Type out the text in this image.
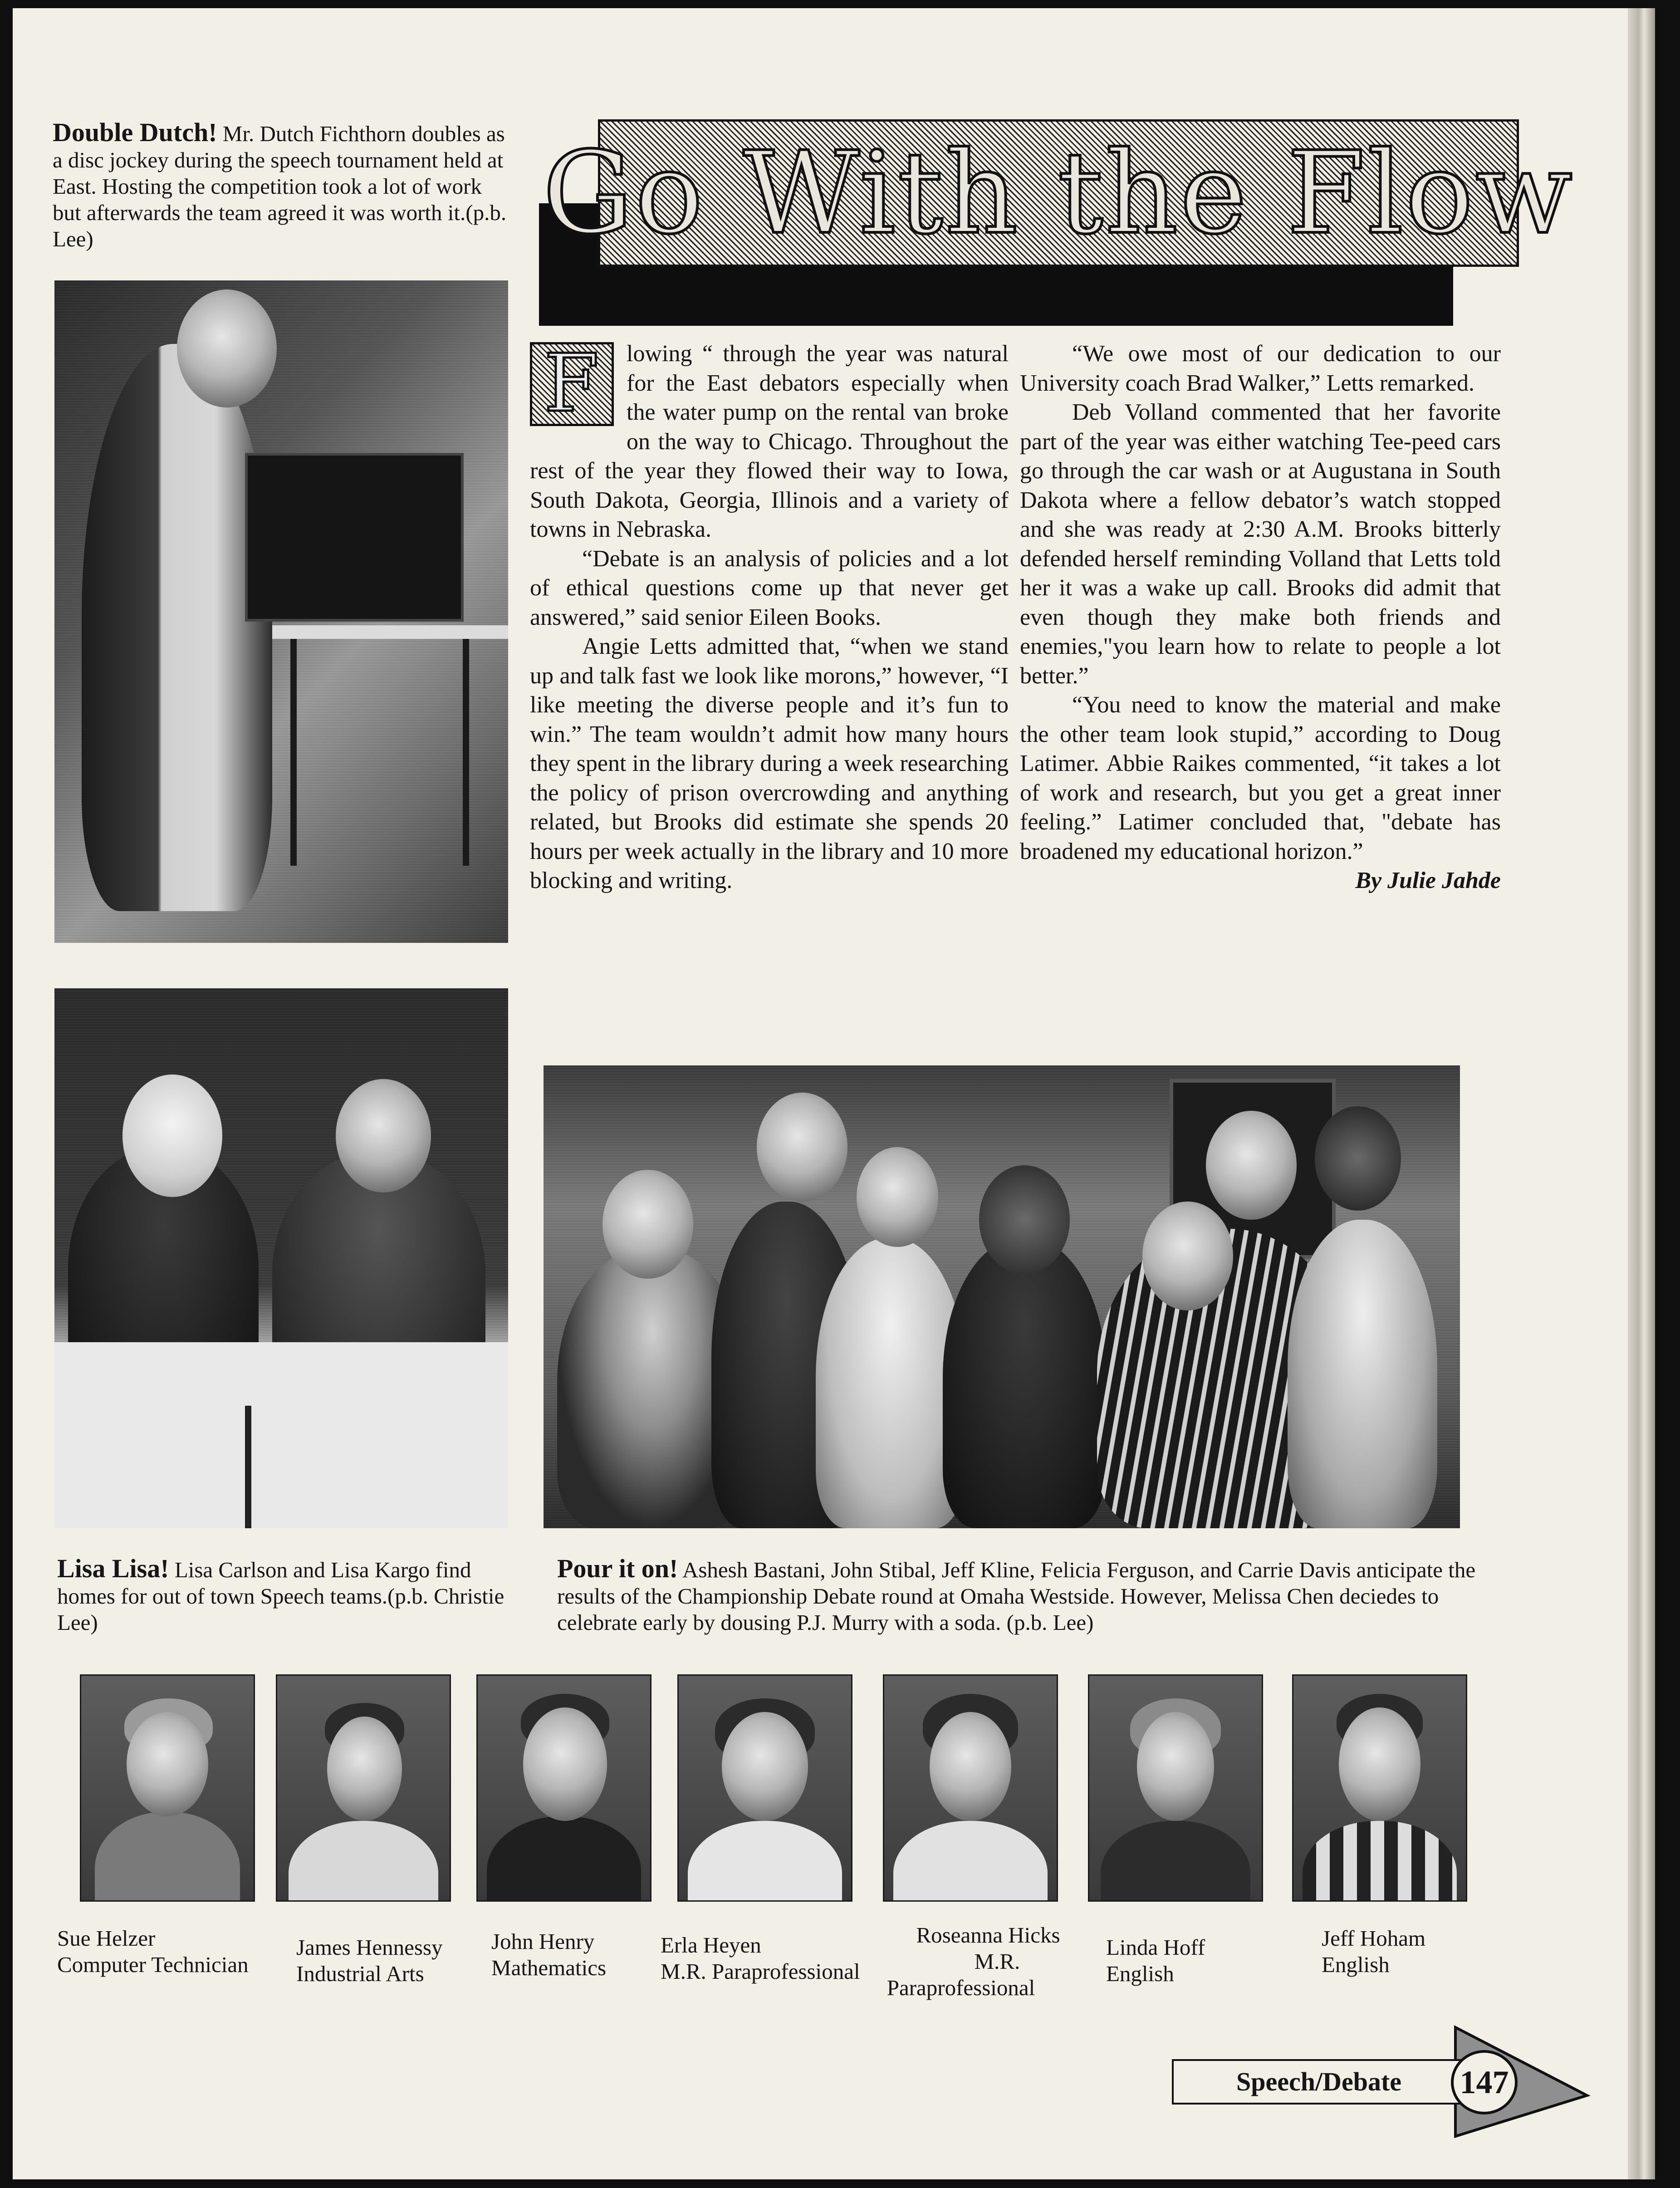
Double Dutch! Mr. Dutch Fichthorn doubles as a disc jockey during the speech tournament held at East. Hosting the competition took a lot of work but afterwards the team agreed it was worth it.(p.b. Lee)	Go With the Flow
F	lowing “ through the year was natural for the East debators especially when the water pump on the rental van broke on the way to Chicago. Throughout the rest of the year they flowed their way to Iowa, South Dakota, Georgia, Illinois and a variety of towns in Nebraska.

“Debate is an analysis of policies and a lot of ethical questions come up that never get answered,” said senior Eileen Books.

Angie Letts admitted that, “when we stand up and talk fast we look like morons,” however, “I like meeting the diverse people and it’s fun to win.” The team wouldn’t admit how many hours they spent in the library during a week researching the policy of prison overcrowding and anything related, but Brooks did estimate she spends 20 hours per week actually in the library and 10 more blocking and writing.

“We owe most of our dedication to our University coach Brad Walker,” Letts remarked.

Deb Volland commented that her favorite part of the year was either watching Tee-peed cars go through the car wash or at Augustana in South Dakota where a fellow debator’s watch stopped and she was ready at 2:30 A.M. Brooks bitterly defended herself reminding Volland that Letts told her it was a wake up call. Brooks did admit that even though they make both friends and enemies,"you learn how to relate to people a lot better.”

“You need to know the material and make the other team look stupid,” according to Doug Latimer. Abbie Raikes commented, “it takes a lot of work and research, but you get a great inner feeling.” Latimer concluded that, "debate has broadened my educational horizon.”

By Julie Jahde

Lisa Lisa! Lisa Carlson and Lisa Kargo find homes for out of town Speech teams.(p.b. Christie Lee)
Pour it on! Ashesh Bastani, John Stibal, Jeff Kline, Felicia Ferguson, and Carrie Davis anticipate the results of the Championship Debate round at Omaha Westside. However, Melissa Chen deciedes to celebrate early by dousing P.J. Murry with a soda. (p.b. Lee)
Sue Helzer
Computer Technician
James Hennessy
Industrial Arts
John Henry
Mathematics
Erla Heyen
M.R. Paraprofessional
Roseanna Hicks
M.R.
Paraprofessional
Linda Hoff
English
Jeff Hoham
English
Speech/Debate	147
